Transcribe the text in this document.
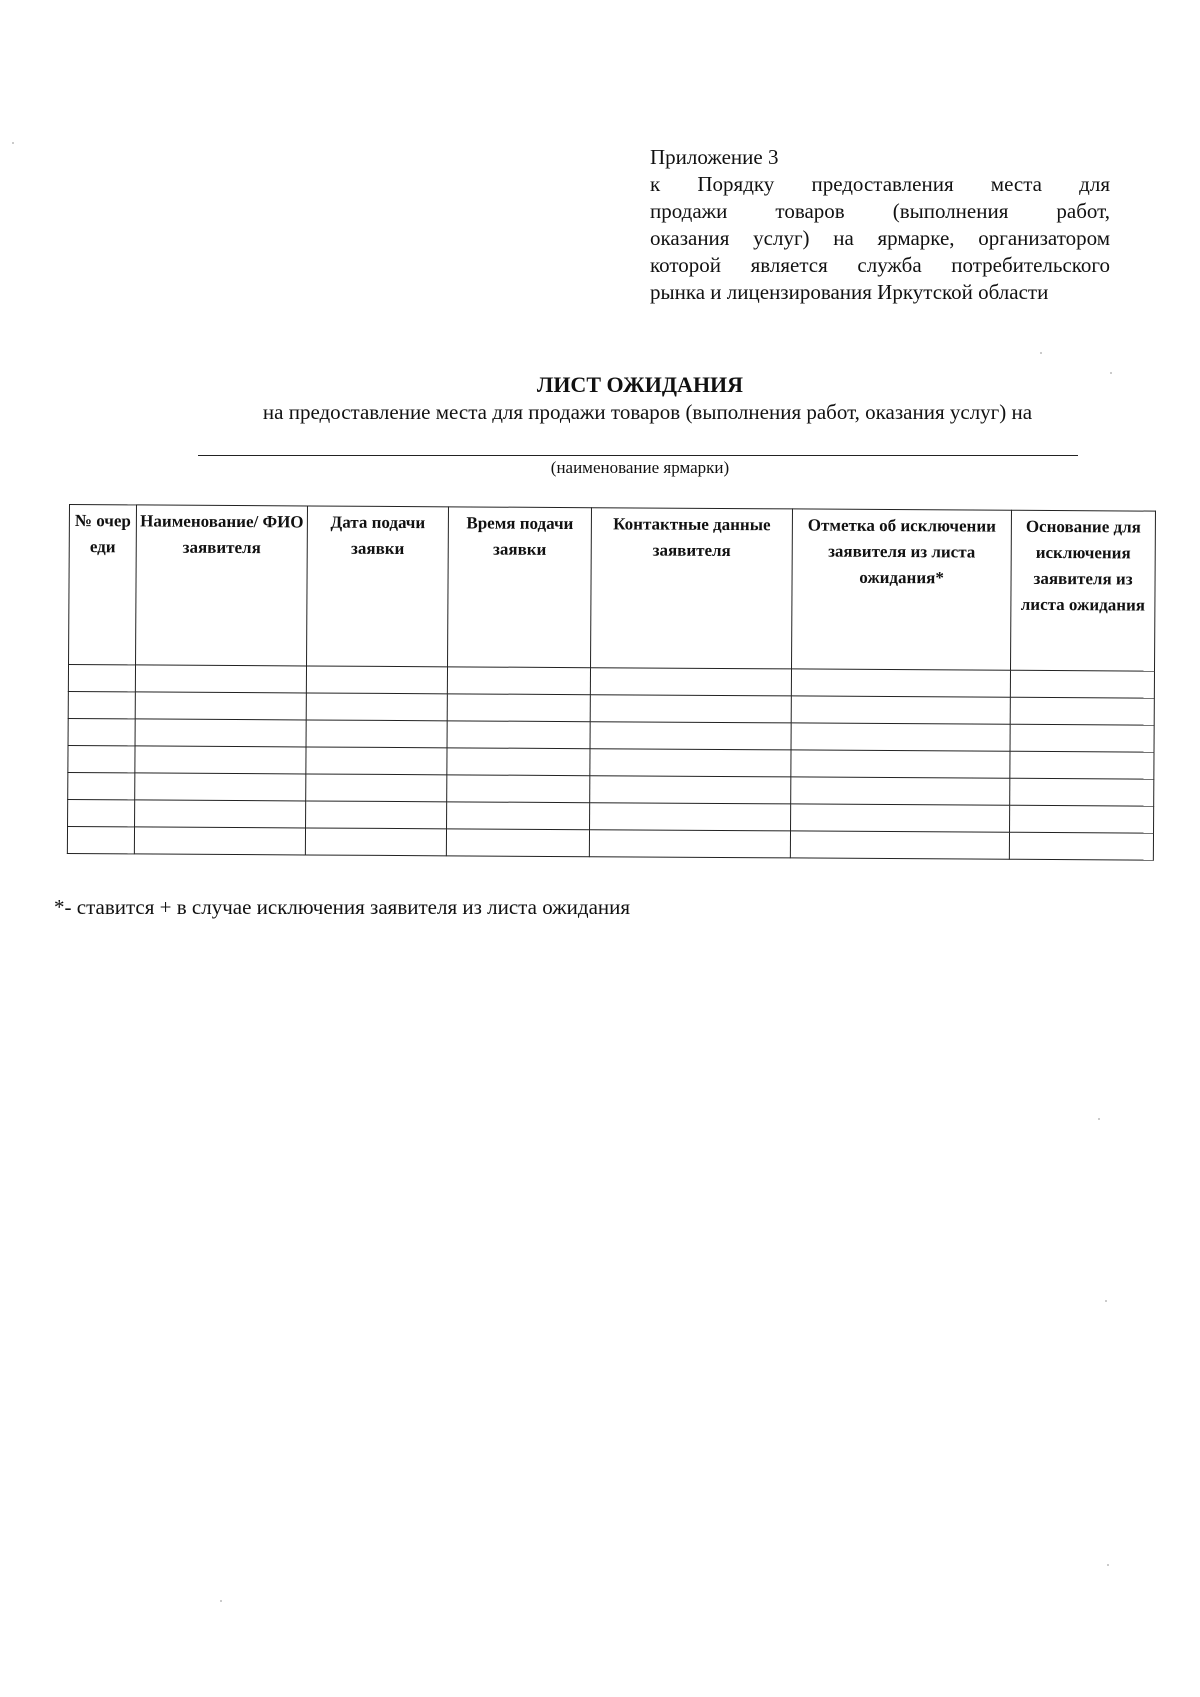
Приложение 3
к Порядку предоставления места для
продажи товаров (выполнения работ,
оказания услуг) на ярмарке, организатором
которой является служба потребительского
рынка и лицензирования Иркутской области
ЛИСТ ОЖИДАНИЯ
на предоставление места для продажи товаров (выполнения работ, оказания услуг) на
(наименование ярмарки)
№ очер еди	Наименование/ ФИО заявителя	Дата подачи заявки	Время подачи заявки	Контактные данные заявителя	Отметка об исключении заявителя из листа ожидания*	Основание для исключения заявителя из листа ожидания

*- ставится + в случае исключения заявителя из листа ожидания
